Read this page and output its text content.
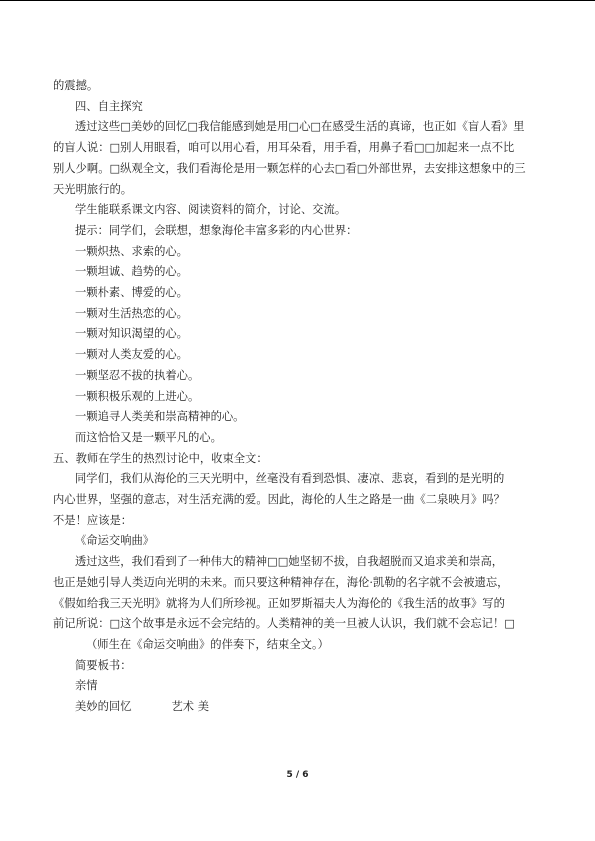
的震撼。
四、自主探究
透过这些□美妙的回忆□我信能感到她是用□心□在感受生活的真谛，也正如《盲人看》里
的盲人说：□别人用眼看，咱可以用心看，用耳朵看，用手看，用鼻子看□□加起来一点不比
别人少啊。□纵观全文，我们看海伦是用一颗怎样的心去□看□外部世界，去安排这想象中的三
天光明旅行的。
学生能联系课文内容、阅读资料的简介，讨论、交流。
提示：同学们，会联想，想象海伦丰富多彩的内心世界：
一颗炽热、求索的心。
一颗坦诚、趋势的心。
一颗朴素、博爱的心。
一颗对生活热恋的心。
一颗对知识渴望的心。
一颗对人类友爱的心。
一颗坚忍不拔的执着心。
一颗积极乐观的上进心。
一颗追寻人类美和崇高精神的心。
而这恰恰又是一颗平凡的心。
五、教师在学生的热烈讨论中，收束全文：
同学们，我们从海伦的三天光明中，丝毫没有看到恐惧、凄凉、悲哀，看到的是光明的
内心世界，坚强的意志，对生活充满的爱。因此，海伦的人生之路是一曲《二泉映月》吗？
不是！应该是：
《命运交响曲》
透过这些，我们看到了一种伟大的精神□□她坚韧不拔，自我超脱而又追求美和崇高，
也正是她引导人类迈向光明的未来。而只要这种精神存在，海伦·凯勒的名字就不会被遗忘，
《假如给我三天光明》就将为人们所珍视。正如罗斯福夫人为海伦的《我生活的故事》写的
前记所说：□这个故事是永远不会完结的。人类精神的美一旦被人认识，我们就不会忘记！□
（师生在《命运交响曲》的伴奏下，结束全文。）
简要板书：
亲情
美妙的回忆	艺术 美
5 / 6
